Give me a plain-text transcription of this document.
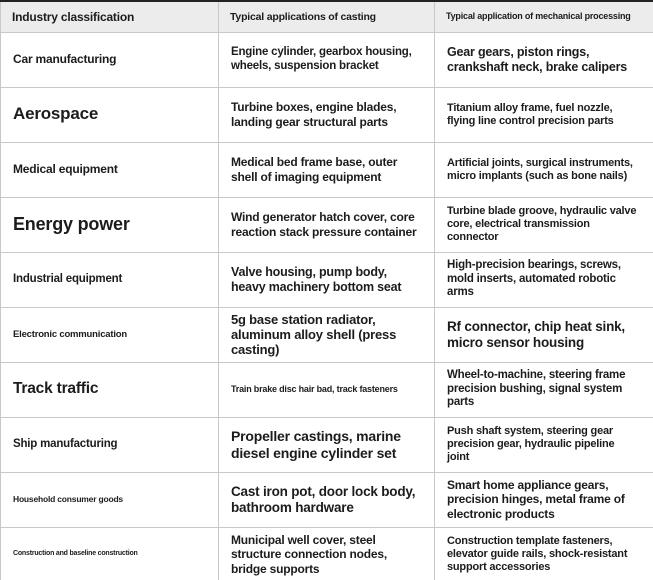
Industry classification	Typical applications of casting	Typical application of mechanical processing
Car manufacturing	Engine cylinder, gearbox housing, wheels, suspension bracket	Gear gears, piston rings, crankshaft neck, brake calipers
Aerospace	Turbine boxes, engine blades, landing gear structural parts	Titanium alloy frame, fuel nozzle, flying line control precision parts
Medical equipment	Medical bed frame base, outer shell of imaging equipment	Artificial joints, surgical instruments, micro implants (such as bone nails)
Energy power	Wind generator hatch cover, core reaction stack pressure container	Turbine blade groove, hydraulic valve core, electrical transmission connector
Industrial equipment	Valve housing, pump body, heavy machinery bottom seat	High-precision bearings, screws, mold inserts, automated robotic arms
Electronic communication	5g base station radiator, aluminum alloy shell (press casting)	Rf connector, chip heat sink, micro sensor housing
Track traffic	Train brake disc hair bad, track fasteners	Wheel-to-machine, steering frame precision bushing, signal system parts
Ship manufacturing	Propeller castings, marine diesel engine cylinder set	Push shaft system, steering gear precision gear, hydraulic pipeline joint
Household consumer goods	Cast iron pot, door lock body, bathroom hardware	Smart home appliance gears, precision hinges, metal frame of electronic products
Construction and baseline construction	Municipal well cover, steel structure connection nodes, bridge supports	Construction template fasteners, elevator guide rails, shock-resistant support accessories
